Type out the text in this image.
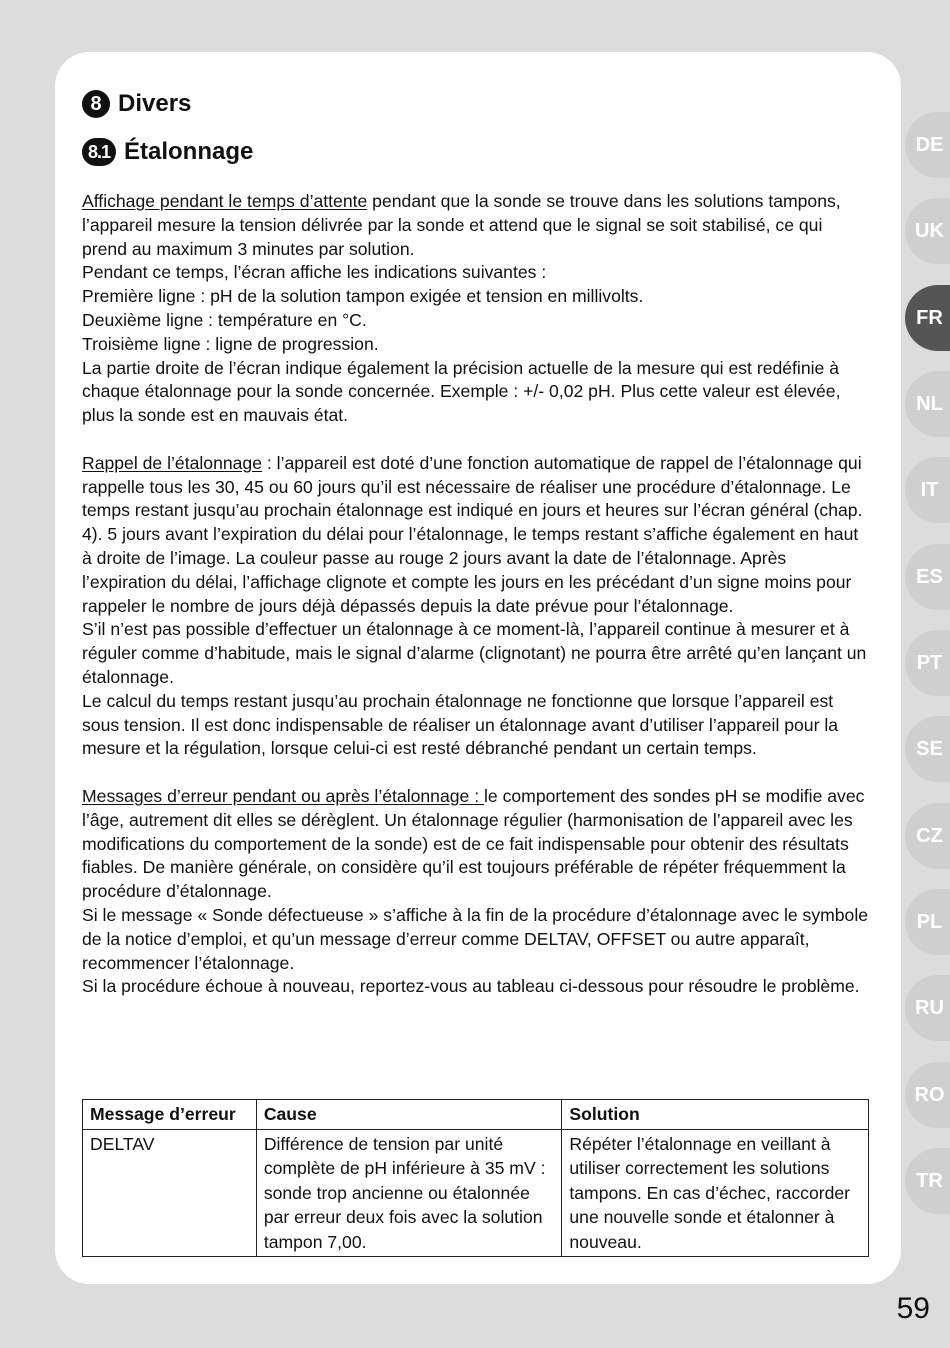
8 Divers
8.1 Étalonnage

Affichage pendant le temps d’attente pendant que la sonde se trouve dans les solutions tampons, l’appareil mesure la tension délivrée par la sonde et attend que le signal se soit stabilisé, ce qui prend au maximum 3 minutes par solution.
Pendant ce temps, l’écran affiche les indications suivantes :
Première ligne : pH de la solution tampon exigée et tension en millivolts.
Deuxième ligne : température en °C.
Troisième ligne : ligne de progression.
La partie droite de l’écran indique également la précision actuelle de la mesure qui est redéfinie à chaque étalonnage pour la sonde concernée. Exemple : +/- 0,02 pH. Plus cette valeur est élevée, plus la sonde est en mauvais état.

Rappel de l’étalonnage : l’appareil est doté d’une fonction automatique de rappel de l’étalonnage qui rappelle tous les 30, 45 ou 60 jours qu’il est nécessaire de réaliser une procédure d’étalonnage. Le temps restant jusqu’au prochain étalonnage est indiqué en jours et heures sur l’écran général (chap. 4). 5 jours avant l’expiration du délai pour l’étalonnage, le temps restant s’affiche également en haut à droite de l’image. La couleur passe au rouge 2 jours avant la date de l’étalonnage. Après l’expiration du délai, l’affichage clignote et compte les jours en les précédant d’un signe moins pour rappeler le nombre de jours déjà dépassés depuis la date prévue pour l’étalonnage.
S’il n’est pas possible d’effectuer un étalonnage à ce moment-là, l’appareil continue à mesurer et à réguler comme d’habitude, mais le signal d’alarme (clignotant) ne pourra être arrêté qu’en lançant un étalonnage.
Le calcul du temps restant jusqu’au prochain étalonnage ne fonctionne que lorsque l’appareil est sous tension. Il est donc indispensable de réaliser un étalonnage avant d’utiliser l’appareil pour la mesure et la régulation, lorsque celui-ci est resté débranché pendant un certain temps.

Messages d’erreur pendant ou après l’étalonnage : le comportement des sondes pH se modifie avec l’âge, autrement dit elles se dérèglent. Un étalonnage régulier (harmonisation de l’appareil avec les modifications du comportement de la sonde) est de ce fait indispensable pour obtenir des résultats fiables. De manière générale, on considère qu’il est toujours préférable de répéter fréquemment la procédure d’étalonnage.
Si le message « Sonde défectueuse » s’affiche à la fin de la procédure d’étalonnage avec le symbole de la notice d’emploi, et qu’un message d’erreur comme DELTAV, OFFSET ou autre apparaît, recommencer l’étalonnage.
Si la procédure échoue à nouveau, reportez-vous au tableau ci-dessous pour résoudre le problème.

Message d’erreur	Cause	Solution
DELTAV	Différence de tension par unité complète de pH inférieure à 35 mV : sonde trop ancienne ou étalonnée par erreur deux fois avec la solution tampon 7,00.	Répéter l’étalonnage en veillant à utiliser correctement les solutions tampons. En cas d’échec, raccorder une nouvelle sonde et étalonner à nouveau.
DE
UK
FR
NL
IT
ES
PT
SE
CZ
PL
RU
RO
TR
59
